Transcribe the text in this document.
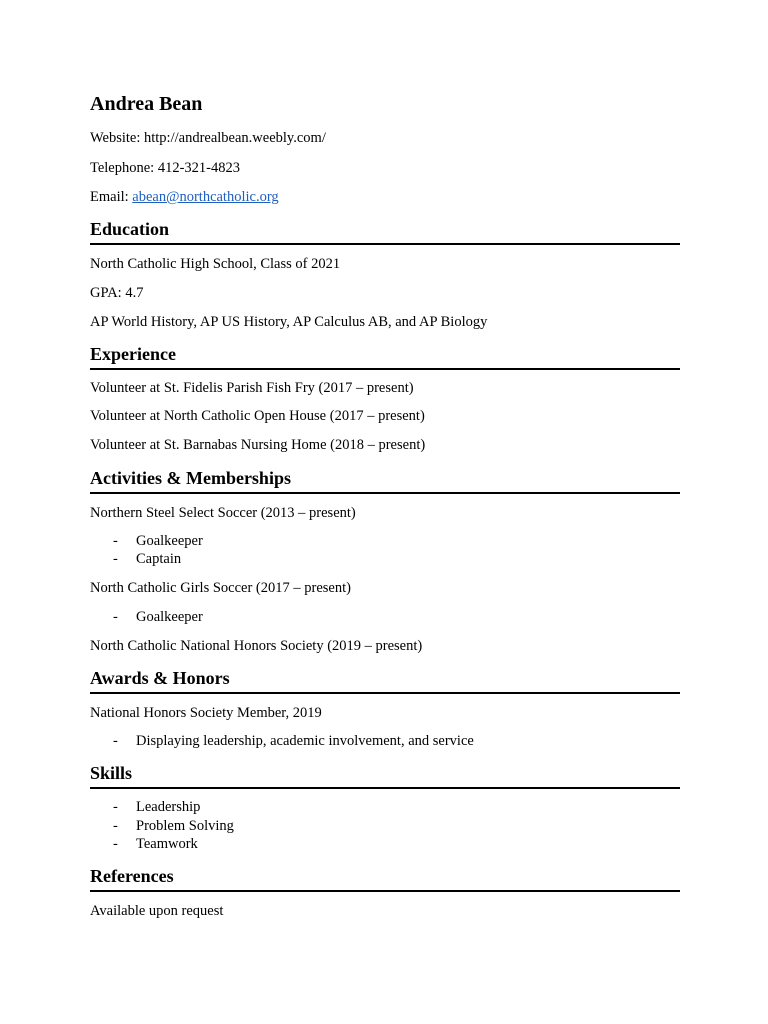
Andrea Bean
Website: http://andrealbean.weebly.com/
Telephone: 412-321-4823
Email: abean@northcatholic.org
Education
North Catholic High School, Class of 2021
GPA: 4.7
AP World History, AP US History, AP Calculus AB, and AP Biology
Experience
Volunteer at St. Fidelis Parish Fish Fry (2017 – present)
Volunteer at North Catholic Open House (2017 – present)
Volunteer at St. Barnabas Nursing Home (2018 – present)
Activities & Memberships
Northern Steel Select Soccer (2013 – present)
- Goalkeeper
- Captain
North Catholic Girls Soccer (2017 – present)
- Goalkeeper
North Catholic National Honors Society (2019 – present)
Awards & Honors
National Honors Society Member, 2019
- Displaying leadership, academic involvement, and service
Skills
- Leadership
- Problem Solving
- Teamwork
References
Available upon request
